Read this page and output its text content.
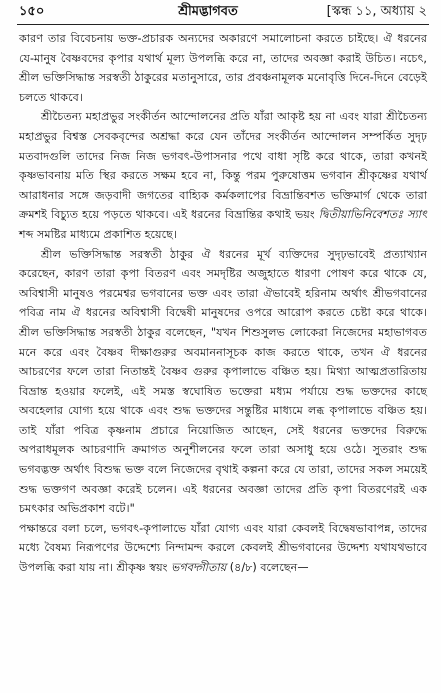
১৫০	শ্রীমদ্ভাগবত	[স্কন্ধ ১১, অধ্যায় ২

কারণ তার বিবেচনায় ভক্ত-প্রচারক অন্যদের অকারণে সমালোচনা করতে চাইছে। ঐ ধরনের যে-মানুষ বৈষ্ণবদের কৃপার যথার্থ মূল্য উপলব্ধি করে না, তাদের অবজ্ঞা করাই উচিত। নচেৎ, শ্রীল ভক্তিসিদ্ধান্ত সরস্বতী ঠাকুরের মতানুসারে, তার প্রবঞ্চনামূলক মনোবৃত্তি দিনে-দিনে বেড়েই চলতে থাকবে।

শ্রীচৈতন্য মহাপ্রভুর সংকীর্তন আন্দোলনের প্রতি যাঁরা আকৃষ্ট হয় না এবং যারা শ্রীচৈতন্য মহাপ্রভুর বিশ্বস্ত সেবকবৃন্দের অশ্রদ্ধা করে যেন তাঁদের সংকীর্তন আন্দোলন সম্পর্কিত সুদৃঢ় মতবাদগুলি তাদের নিজ নিজ ভগবৎ-উপাসনার পথে বাধা সৃষ্টি করে থাকে, তারা কখনই কৃষ্ণভাবনায় মতি স্থির করতে সক্ষম হবে না, কিন্তু পরম পুরুষোত্তম ভগবান শ্রীকৃষ্ণের যথার্থ আরাধনার সঙ্গে জড়বাদী জগতের বাহ্যিক কর্মকলাপের বিভ্রান্তিবশত ভক্তিমার্গ থেকে তারা ক্রমশই বিচ্যুত হয়ে পড়তে থাকবে। এই ধরনের বিভ্রান্তির কথাই ভয়ং দ্বিতীয়াভিনিবেশতঃ স্যাৎ শব্দ সমষ্টির মাধ্যমে প্রকাশিত হয়েছে।

শ্রীল ভক্তিসিদ্ধান্ত সরস্বতী ঠাকুর ঐ ধরনের মূর্খ ব্যক্তিদের সুদৃঢ়ভাবেই প্রত্যাখ্যান করেছেন, কারণ তারা কৃপা বিতরণ এবং সমদৃষ্টির অজুহাতে ধারণা পোষণ করে থাকে যে, অবিশ্বাসী মানুষও পরমেশ্বর ভগবানের ভক্ত এবং তারা ঐভাবেই হরিনাম অর্থাৎ শ্রীভগবানের পবিত্র নাম ঐ ধরনের অবিশ্বাসী বিদ্বেষী মানুষদের ওপরে আরোপ করতে চেষ্টা করে থাকে। শ্রীল ভক্তিসিদ্ধান্ত সরস্বতী ঠাকুর বলেছেন, "যখন শিশুসুলভ লোকেরা নিজেদের মহাভাগবত মনে করে এবং বৈষ্ণব দীক্ষাগুরুর অবমাননাসূচক কাজ করতে থাকে, তখন ঐ ধরনের আচরণের ফলে তারা নিতান্তই বৈষ্ণব গুরুর কৃপালাভে বঞ্চিত হয়। মিথ্যা আত্মপ্রতারিতায় বিভ্রান্ত হওয়ার ফলেই, এই সমস্ত স্বঘোষিত ভক্তেরা মধ্যম পর্যায়ে শুদ্ধ ভক্তদের কাছে অবহেলার যোগ্য হয়ে থাকে এবং শুদ্ধ ভক্তদের সন্তুষ্টির মাধ্যমে লব্ধ কৃপালাভে বঞ্চিত হয়। তাই যাঁরা পবিত্র কৃষ্ণনাম প্রচারে নিয়োজিত আছেন, সেই ধরনের ভক্তদের বিরুদ্ধে অপরাধমূলক আচরণাদি ক্রমাগত অনুশীলনের ফলে তারা অসাধু হয়ে ওঠে। সুতরাং শুদ্ধ ভগবদ্ভক্ত অর্থাৎ বিশুদ্ধ ভক্ত বলে নিজেদের বৃথাই কল্পনা করে যে তারা, তাদের সকল সময়েই শুদ্ধ ভক্তগণ অবজ্ঞা করেই চলেন। এই ধরনের অবজ্ঞা তাদের প্রতি কৃপা বিতরণেরই এক চমৎকার অভিপ্রকাশ বটে।"

পক্ষান্তরে বলা চলে, ভগবৎ-কৃপালাভে যাঁরা যোগ্য এবং যারা কেবলই বিদ্বেষভাবাপন্ন, তাদের মধ্যে বৈষম্য নিরূপণের উদ্দেশ্যে নিন্দামন্দ করলে কেবলই শ্রীভগবানের উদ্দেশ্য যথাযথভাবে উপলব্ধি করা যায় না। শ্রীকৃষ্ণ স্বয়ং ভগবদ্গীতায় (৪/৮) বলেছেন—
